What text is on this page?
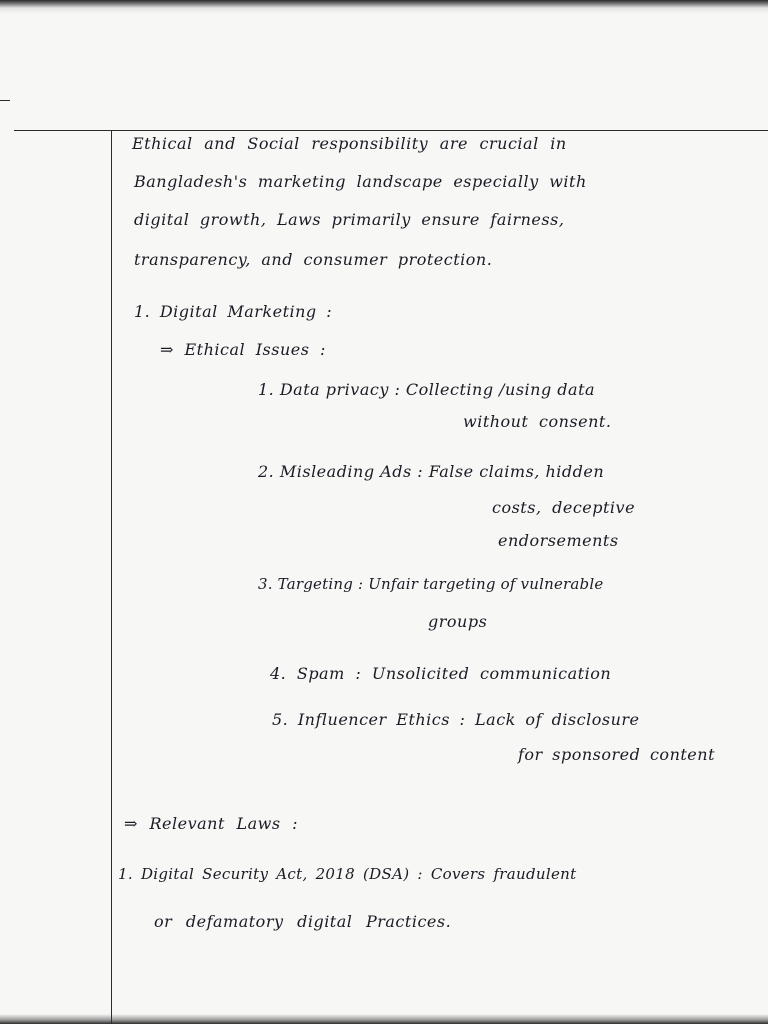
Ethical and Social responsibility are crucial in
Bangladesh's marketing landscape especially with
digital growth, Laws primarily ensure fairness,
transparency, and consumer protection.
1. Digital Marketing :
⇒ Ethical Issues :
1. Data privacy : Collecting /using data
without consent.
2. Misleading Ads : False claims, hidden
costs, deceptive
endorsements
3. Targeting : Unfair targeting of vulnerable
groups
4. Spam : Unsolicited communication
5. Influencer Ethics : Lack of disclosure
for sponsored content
⇒ Relevant Laws :
1. Digital Security Act, 2018 (DSA) : Covers fraudulent
or defamatory digital Practices.
